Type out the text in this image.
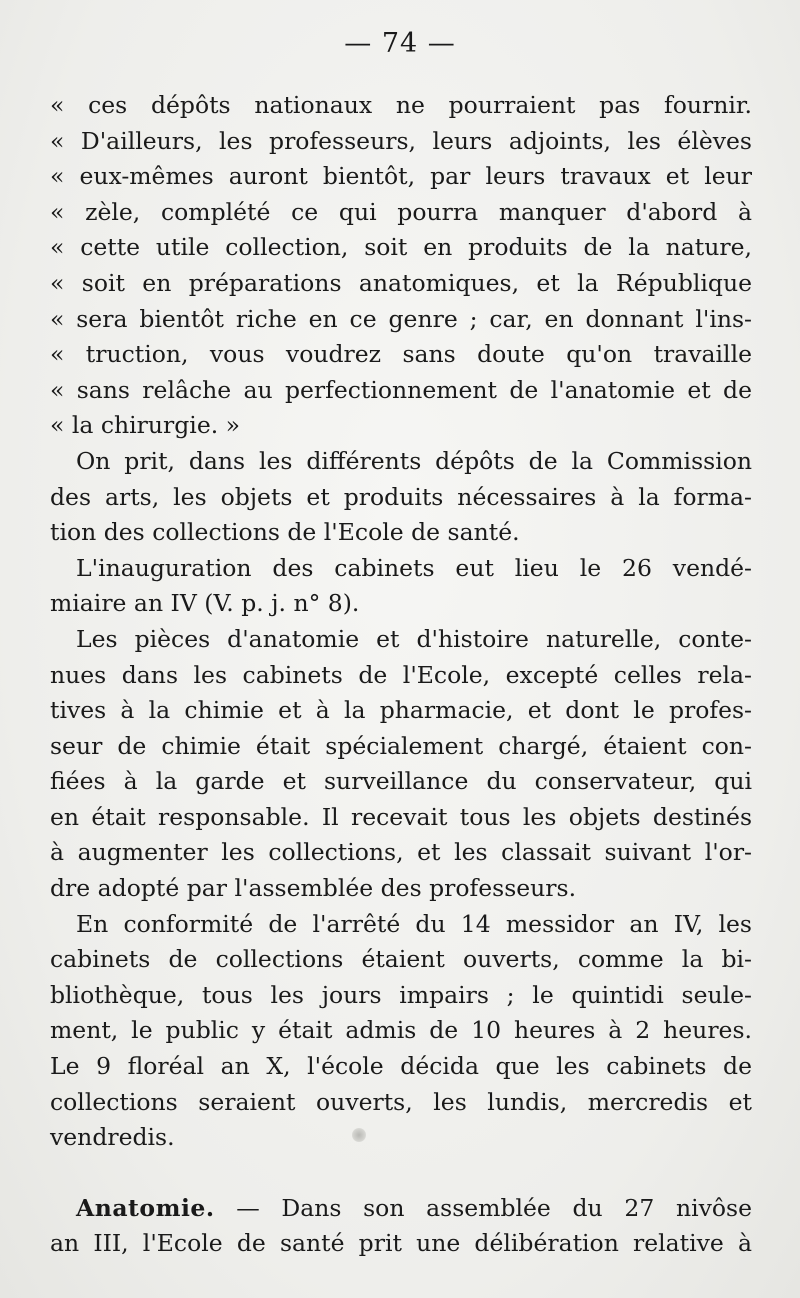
— 74 —
« ces dépôts nationaux ne pourraient pas fournir.
« D'ailleurs, les professeurs, leurs adjoints, les élèves
« eux-mêmes auront bientôt, par leurs travaux et leur
« zèle, complété ce qui pourra manquer d'abord à
« cette utile collection, soit en produits de la nature,
« soit en préparations anatomiques, et la République
« sera bientôt riche en ce genre ; car, en donnant l'ins-
« truction, vous voudrez sans doute qu'on travaille
« sans relâche au perfectionnement de l'anatomie et de
« la chirurgie. »
On prit, dans les différents dépôts de la Commission
des arts, les objets et produits nécessaires à la forma-
tion des collections de l'Ecole de santé.
L'inauguration des cabinets eut lieu le 26 vendé-
miaire an IV (V. p. j. n° 8).
Les pièces d'anatomie et d'histoire naturelle, conte-
nues dans les cabinets de l'Ecole, excepté celles rela-
tives à la chimie et à la pharmacie, et dont le profes-
seur de chimie était spécialement chargé, étaient con-
fiées à la garde et surveillance du conservateur, qui
en était responsable. Il recevait tous les objets destinés
à augmenter les collections, et les classait suivant l'or-
dre adopté par l'assemblée des professeurs.
En conformité de l'arrêté du 14 messidor an IV, les
cabinets de collections étaient ouverts, comme la bi-
bliothèque, tous les jours impairs ; le quintidi seule-
ment, le public y était admis de 10 heures à 2 heures.
Le 9 floréal an X, l'école décida que les cabinets de
collections seraient ouverts, les lundis, mercredis et
vendredis.
Anatomie. — Dans son assemblée du 27 nivôse
an III, l'Ecole de santé prit une délibération relative à
